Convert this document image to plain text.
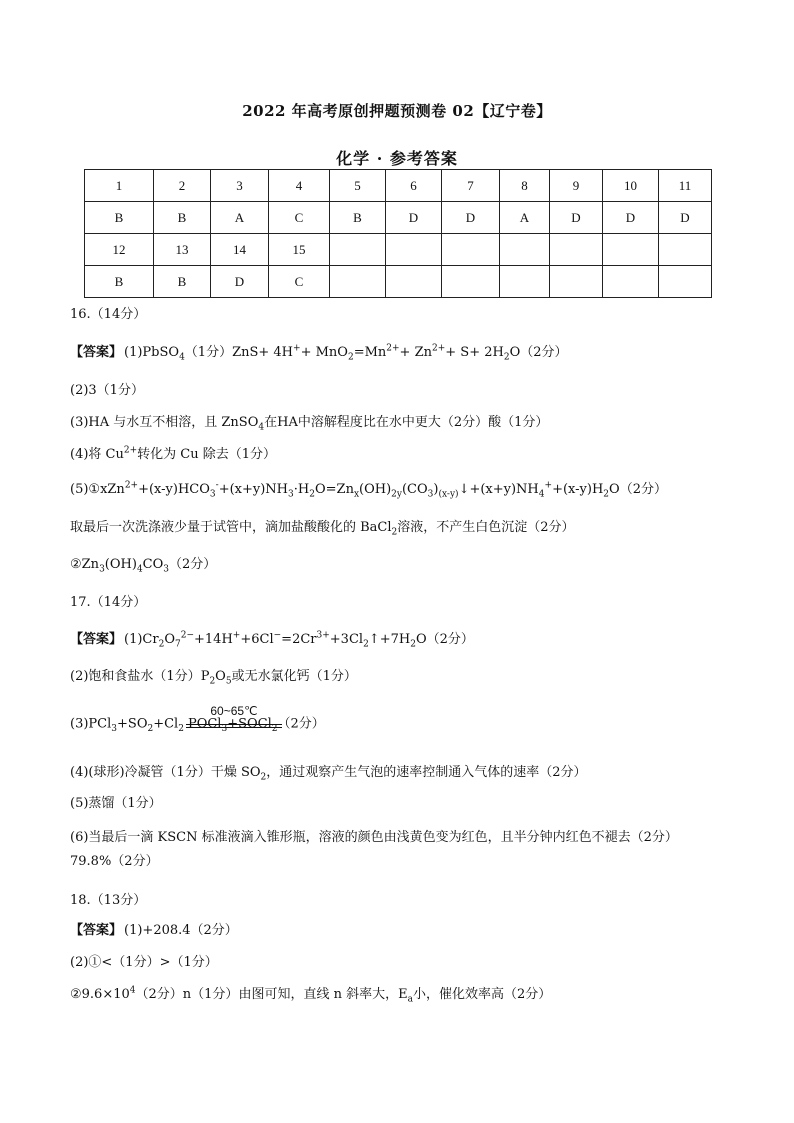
2022 年高考原创押题预测卷 02【辽宁卷】
化学 · 参考答案
1	2	3	4	5	6	7	8	9	10	11
B	B	A	C	B	D	D	A	D	D	D
12	13	14	15							
B	B	D	C							
16.（14分）
【答案】 (1)PbSO$_4$（1分）$ZnS+ 4H^++ MnO_2=Mn^{2+}+ Zn^{2+}+ S+ 2H_2O(2$分）
(2)3（1分）
(3)HA 与水互不相溶，且 ZnSO$_4$在HA中溶解程度比在水中更大（2分）酸（1分）
(4)将 $Cu^{2+}$转化为 Cu 除去（1分）
$(5)①xZn^{2+}+(x-y)HCO_3^-+(x+y)NH_3\cdot H_2O=Zn_x(OH)_{2y}(CO_3)_{(x-y)}↓+(x+y)NH_4^++(x-y)H_2O(2$分）
取最后一次洗涤液少量于试管中，滴加盐酸酸化的 BaCl$_2$溶液，不产生白色沉淀（2分）
$②Zn_3(OH)_4CO_3(2$分）
17.（14分）
【答案】 $(1)Cr_2O_7^{2-}+14H^++6Cl^-=2Cr^{3+}+3Cl_2↑+7H_2O(2$分）
(2)饱和食盐水（1分）$P_2O_5$或无水氯化钙（1分）
$(3)PCl_3+SO_2+Cl_2$
60~65℃
POCl$_3$+SOCl$_2$（2分）
(4)(球形)冷凝管（1分）干燥 $SO_2$，通过观察产生气泡的速率控制通入气体的速率（2分）
(5)蒸馏（1分）
(6)当最后一滴 KSCN 标准液滴入锥形瓶，溶液的颜色由浅黄色变为红色，且半分钟内红色不褪去（2分）79.8%（2分）
18.（13分）
【答案】 (1)+208.4（2分）
(2)①<（1分）>（1分）
$②9.6\times 10^4(2$分）n（1分）由图可知，直线 n 斜率大，$E_a$小，催化效率高（2分）
